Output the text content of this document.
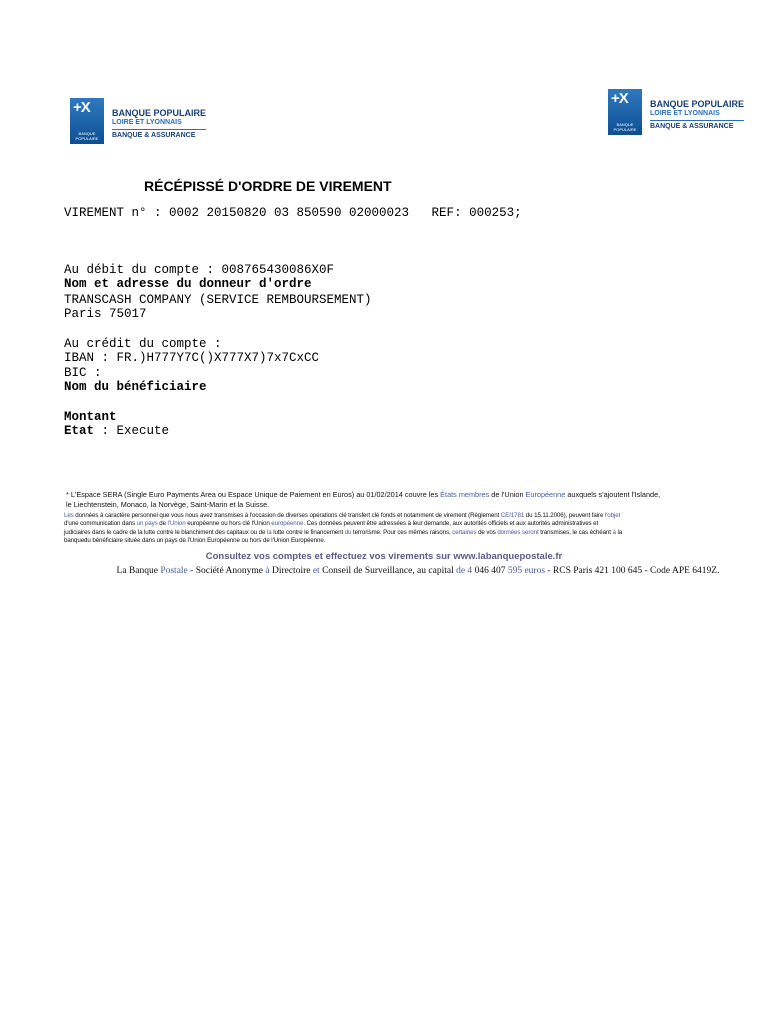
+X
BANQUE POPULAIRE
BANQUE POPULAIRE
LOIRE ET LYONNAIS
BANQUE & ASSURANCE
+X
BANQUE POPULAIRE
BANQUE POPULAIRE
LOIRE ET LYONNAIS
BANQUE & ASSURANCE
RÉCÉPISSÉ D'ORDRE DE VIREMENT
VIREMENT n° : 0002 20150820 03 850590 02000023   REF: 000253;
Au débit du compte : 008765430086X0F
Nom et adresse du donneur d'ordre
TRANSCASH COMPANY (SERVICE REMBOURSEMENT)
Paris 75017
Au crédit du compte :
IBAN : FR.)H777Y7C()X777X7)7x7CxCC
BIC :
Nom du bénéficiaire
Montant
Etat : Execute
* L'Espace SERA (Single Euro Payments Area ou Espace Unique de Paiement en Euros) au 01/02/2014 couvre les États membres de l'Union Européenne auxquels s'ajoutent l'Islande,
le Liechtenstein, Monaco, la Norvège, Saint-Marin et la Suisse.
Les données à caractère personnel que vous nous avez transmises à l'occasion de diverses opérations clé transfert clé fonds et notamment de virement (Règlement CE/1781 du 15.11.2006), peuvent faire l'objet
d'une communication dans un pays de l'Union européenne ou hors clé l'Union européenne. Ces données peuvent être adressées à leur demande, aux autorités officiels et aux autorités administratives et
judiciaires dans le cadre de la lutte contre le blanchiment des capitaux ou de la lutte contre le financement du terrorisme. Pour ces mêmes raisons, certaines de vos données seront transmises, le cas échéant à la
banquedu bénéficiaire située dans un pays de l'Union Européenne ou hors de l'Union Européenne.
Consultez vos comptes et effectuez vos virements sur www.labanquepostale.fr
La Banque Postale - Société Anonyme à Directoire et Conseil de Surveillance, au capital de 4 046 407 595 euros - RCS Paris 421 100 645 - Code APE 6419Z.
